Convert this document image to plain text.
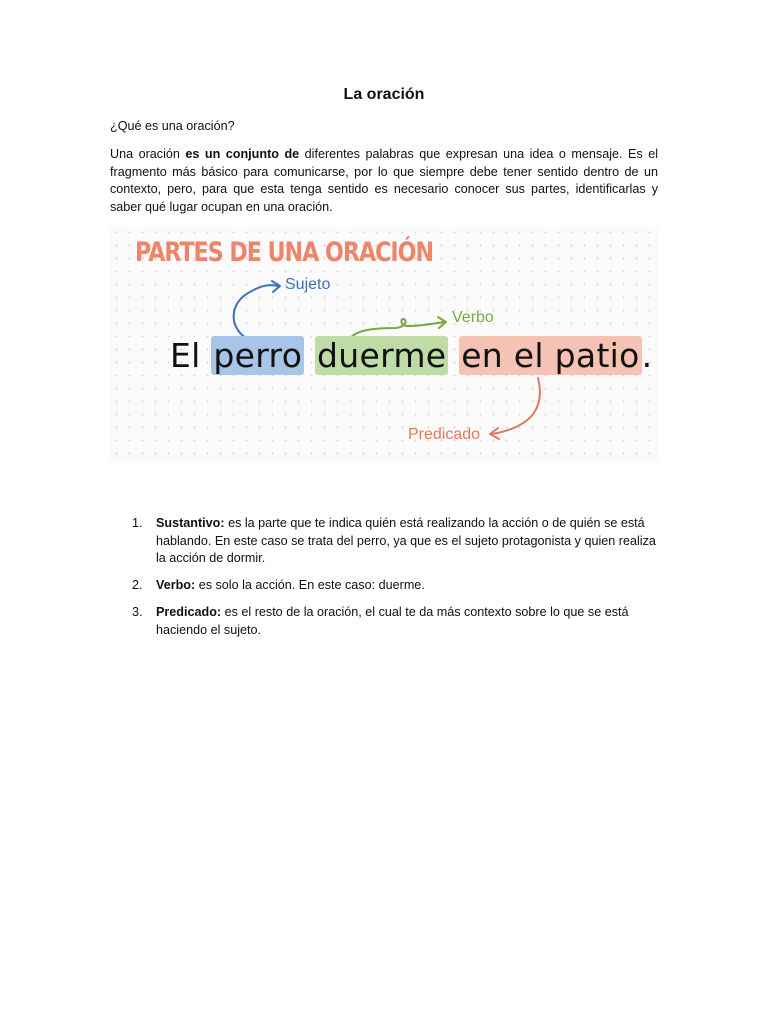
La oración

¿Qué es una oración?

Una oración es un conjunto de diferentes palabras que expresan una idea o mensaje. Es el fragmento más básico para comunicarse, por lo que siempre debe tener sentido dentro de un contexto, pero, para que esta tenga sentido es necesario conocer sus partes, identificarlas y saber qué lugar ocupan en una oración.

PARTES DE UNA ORACIÓN

Sujeto

Verbo

Predicado

El perro duerme en el patio.

1. Sustantivo: es la parte que te indica quién está realizando la acción o de quién se está hablando. En este caso se trata del perro, ya que es el sujeto protagonista y quien realiza la acción de dormir.
2. Verbo: es solo la acción. En este caso: duerme.
3. Predicado: es el resto de la oración, el cual te da más contexto sobre lo que se está haciendo el sujeto.
